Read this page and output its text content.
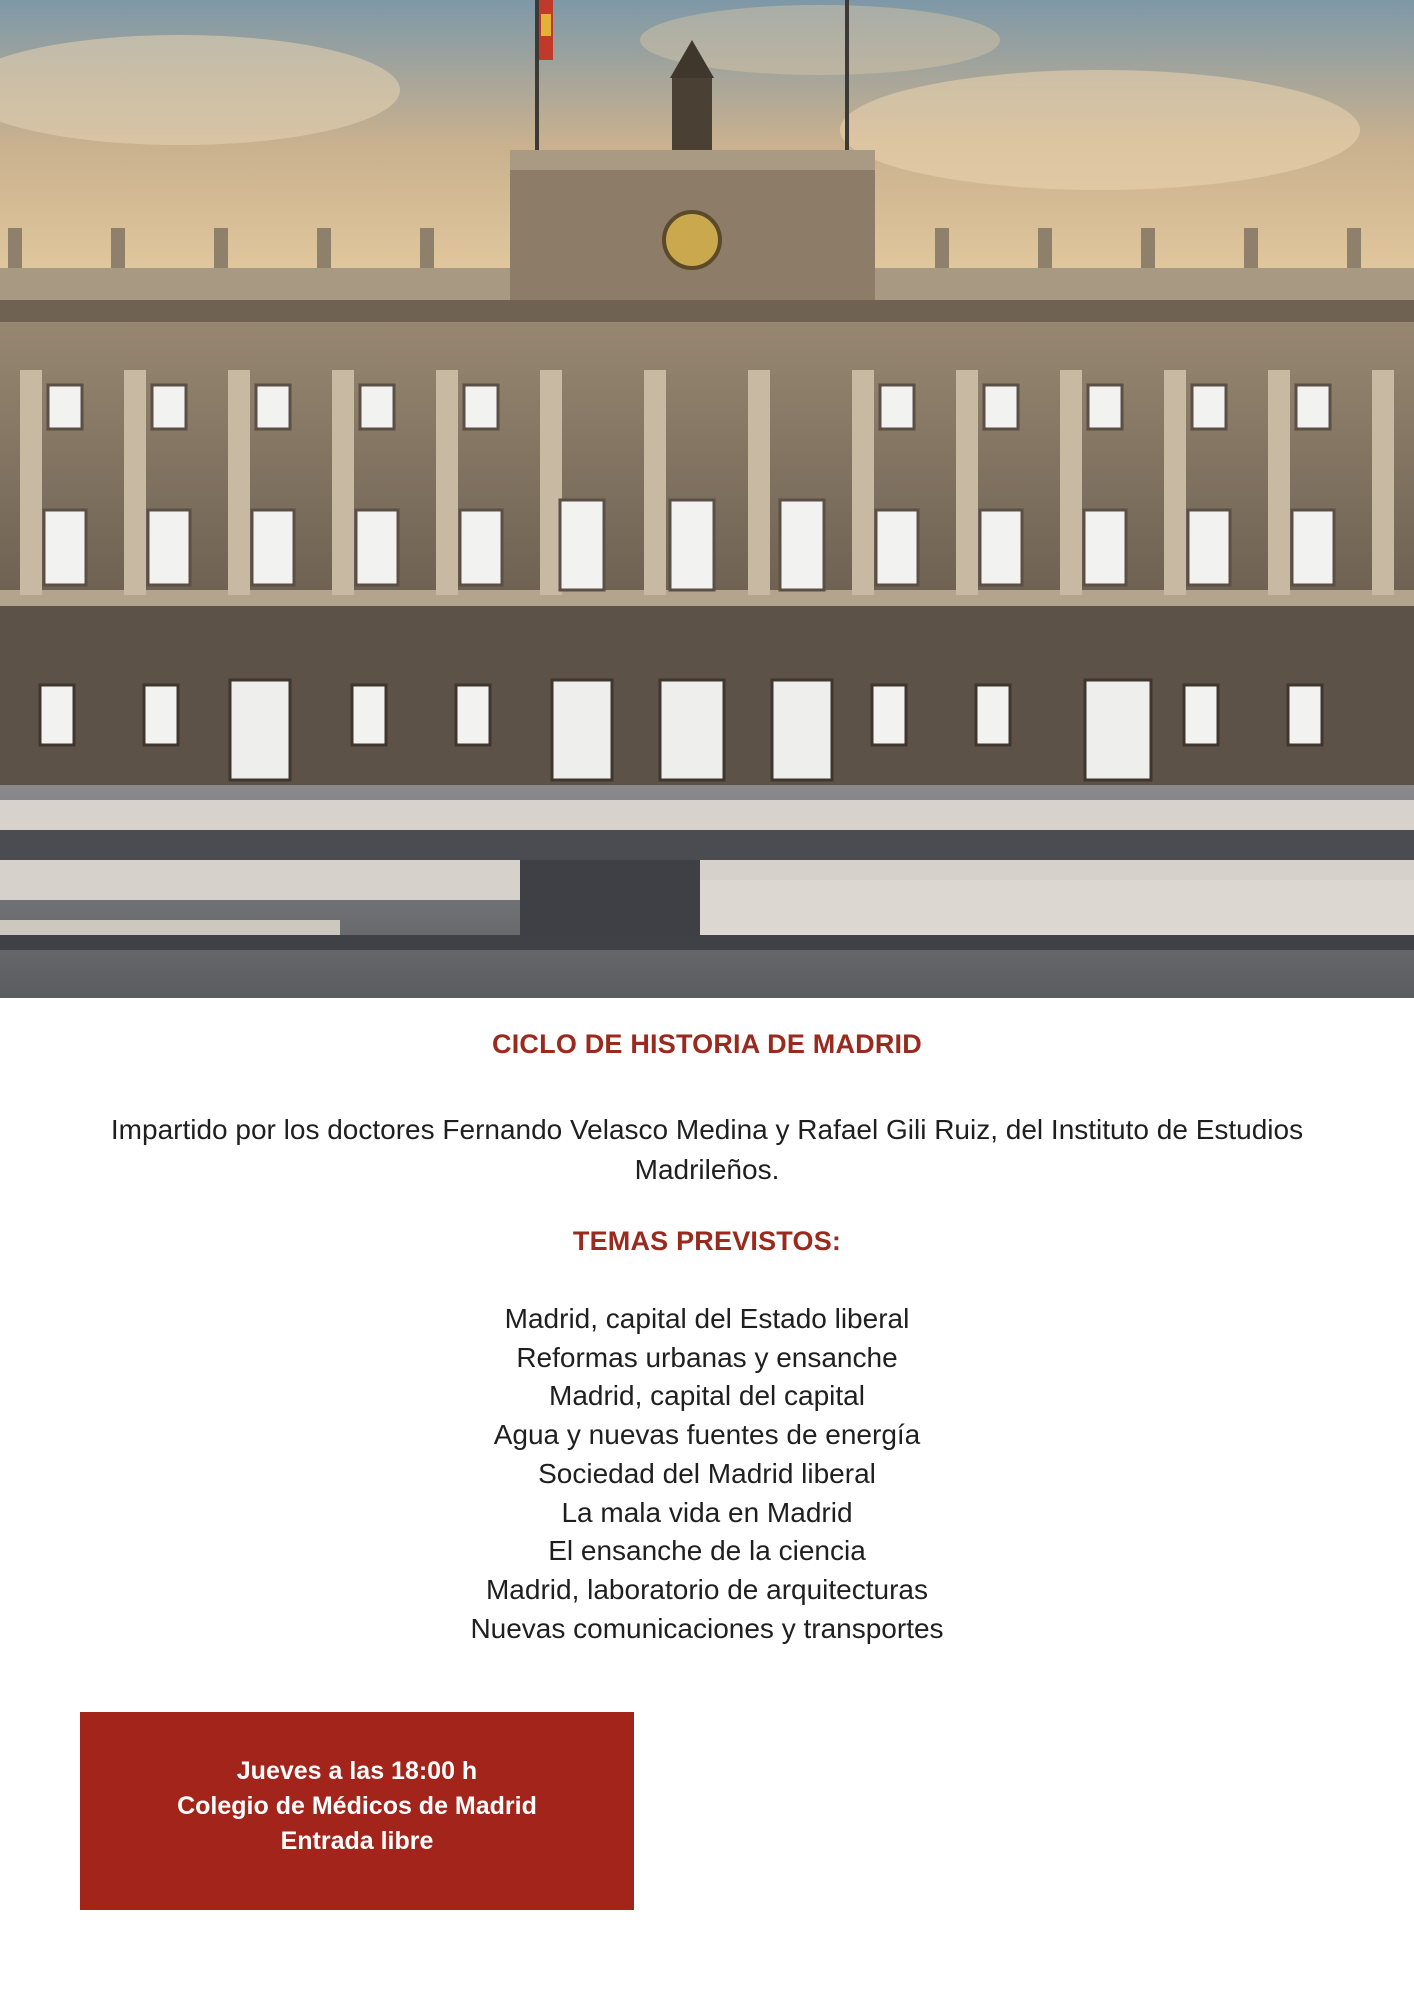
CICLO DE HISTORIA DE MADRID
Impartido por los doctores Fernando Velasco Medina y Rafael Gili Ruiz, del Instituto de Estudios Madrileños.
TEMAS PREVISTOS:
Madrid, capital del Estado liberal
Reformas urbanas y ensanche
Madrid, capital del capital
Agua y nuevas fuentes de energía
Sociedad del Madrid liberal
La mala vida en Madrid
El ensanche de la ciencia
Madrid, laboratorio de arquitecturas
Nuevas comunicaciones y transportes
Jueves a las 18:00 h
Colegio de Médicos de Madrid
Entrada libre
